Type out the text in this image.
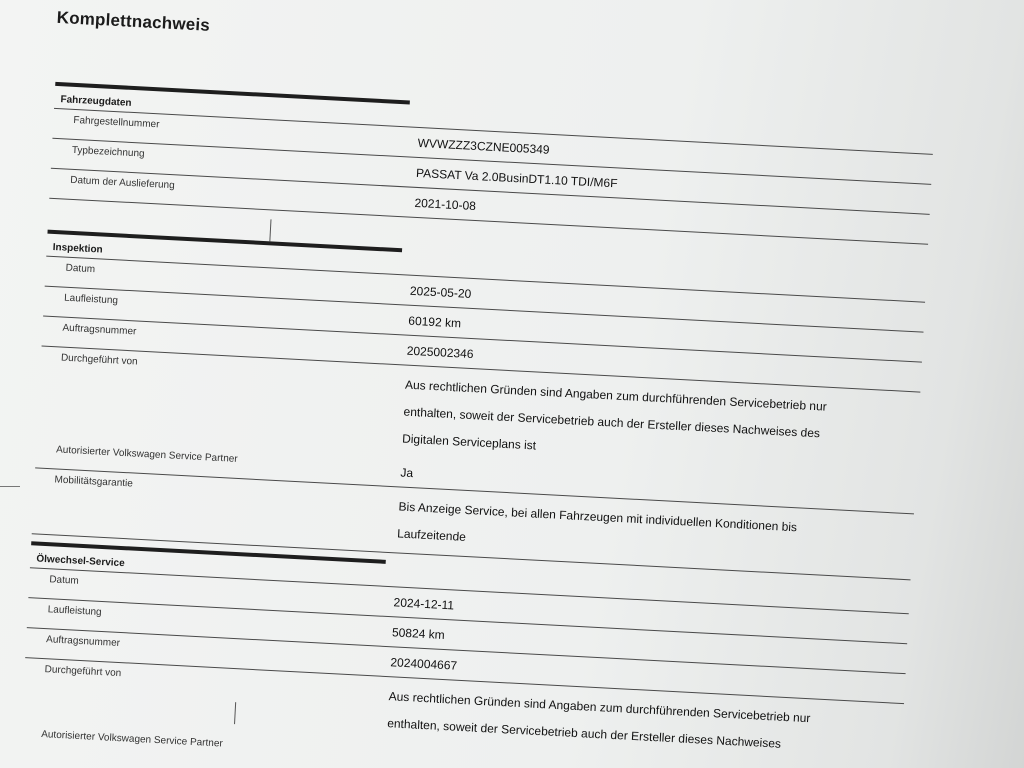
Komplettnachweis
Fahrzeugdaten
Fahrgestellnummer
WVWZZZ3CZNE005349
Typbezeichnung
PASSAT Va 2.0BusinDT1.10 TDI/M6F
Datum der Auslieferung
2021-10-08
Inspektion
Datum
2025-05-20
Laufleistung
60192 km
Auftragsnummer
2025002346
Durchgeführt von
Aus rechtlichen Gründen sind Angaben zum durchführenden Servicebetrieb nur enthalten, soweit der Servicebetrieb auch der Ersteller dieses Nachweises des Digitalen Serviceplans ist
Autorisierter Volkswagen Service Partner
Ja
Mobilitätsgarantie
Bis Anzeige Service, bei allen Fahrzeugen mit individuellen Konditionen bis Laufzeitende
Ölwechsel-Service
Datum
2024-12-11
Laufleistung
50824 km
Auftragsnummer
2024004667
Durchgeführt von
Aus rechtlichen Gründen sind Angaben zum durchführenden Servicebetrieb nur enthalten, soweit der Servicebetrieb auch der Ersteller dieses Nachweises
Autorisierter Volkswagen Service Partner
